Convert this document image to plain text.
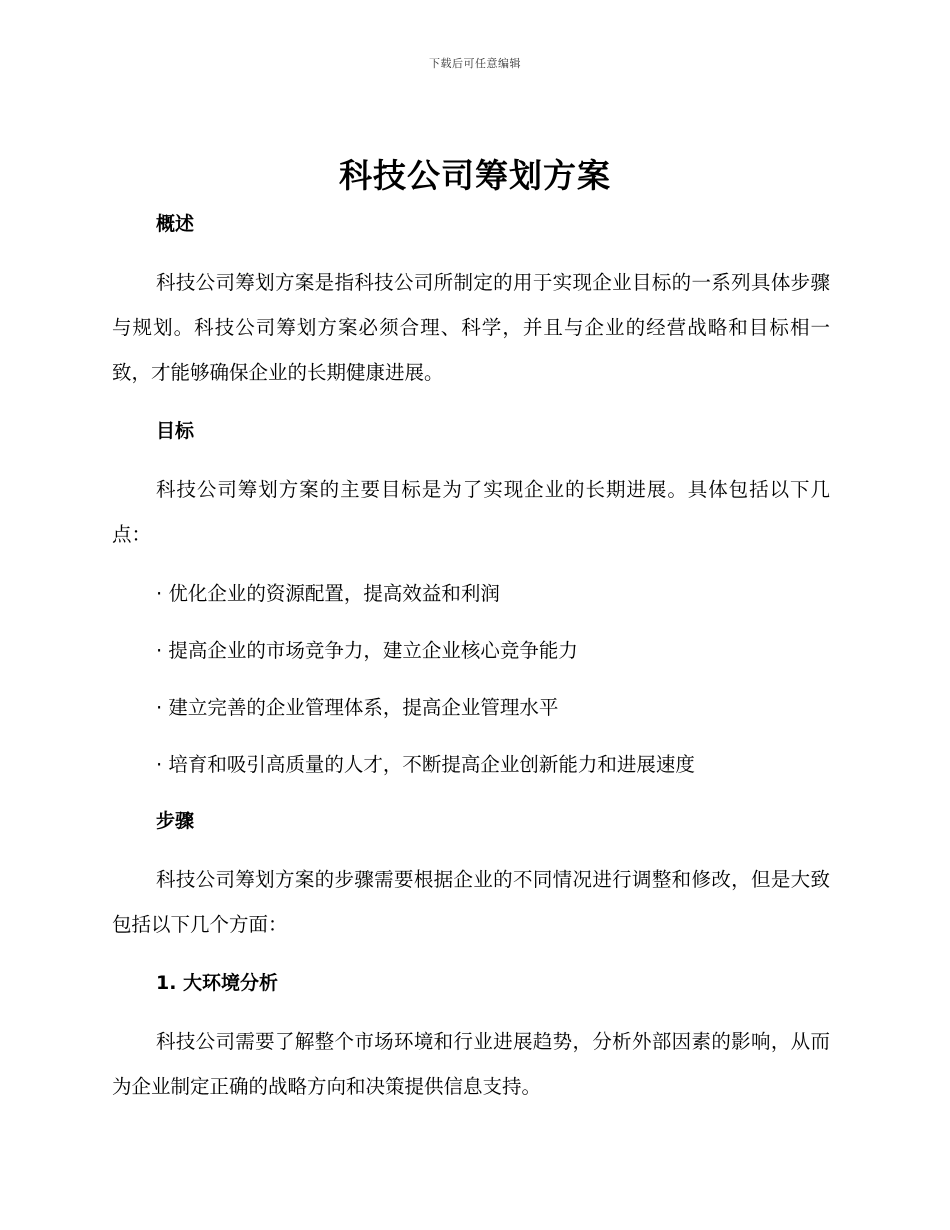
下载后可任意编辑
科技公司筹划方案
概述

科技公司筹划方案是指科技公司所制定的用于实现企业目标的一系列具体步骤与规划。科技公司筹划方案必须合理、科学，并且与企业的经营战略和目标相一致，才能够确保企业的长期健康进展。

目标

科技公司筹划方案的主要目标是为了实现企业的长期进展。具体包括以下几点：

· 优化企业的资源配置，提高效益和利润
· 提高企业的市场竞争力，建立企业核心竞争能力
· 建立完善的企业管理体系，提高企业管理水平
· 培育和吸引高质量的人才，不断提高企业创新能力和进展速度
步骤

科技公司筹划方案的步骤需要根据企业的不同情况进行调整和修改，但是大致包括以下几个方面：

1. 大环境分析

科技公司需要了解整个市场环境和行业进展趋势，分析外部因素的影响，从而为企业制定正确的战略方向和决策提供信息支持。
